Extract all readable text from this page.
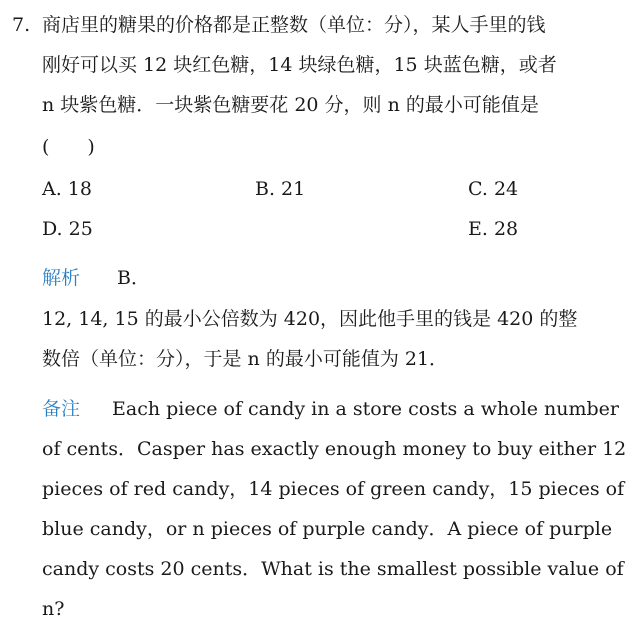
7. 商店里的糖果的价格都是正整数（单位：分），某人手里的钱
刚好可以买 12 块红色糖，14 块绿色糖，15 块蓝色糖，或者
n 块紫色糖．一块紫色糖要花 20 分，则 n 的最小可能值是
(　　)
A. 18	B. 21	C. 24
D. 25	E. 28
解析 B．
12, 14, 15 的最小公倍数为 420，因此他手里的钱是 420 的整
数倍（单位：分），于是 n 的最小可能值为 21．
备注 Each piece of candy in a store costs a whole number
of cents．Casper has exactly enough money to buy either 12
pieces of red candy，14 pieces of green candy，15 pieces of
blue candy，or n pieces of purple candy．A piece of purple
candy costs 20 cents．What is the smallest possible value of
n?
